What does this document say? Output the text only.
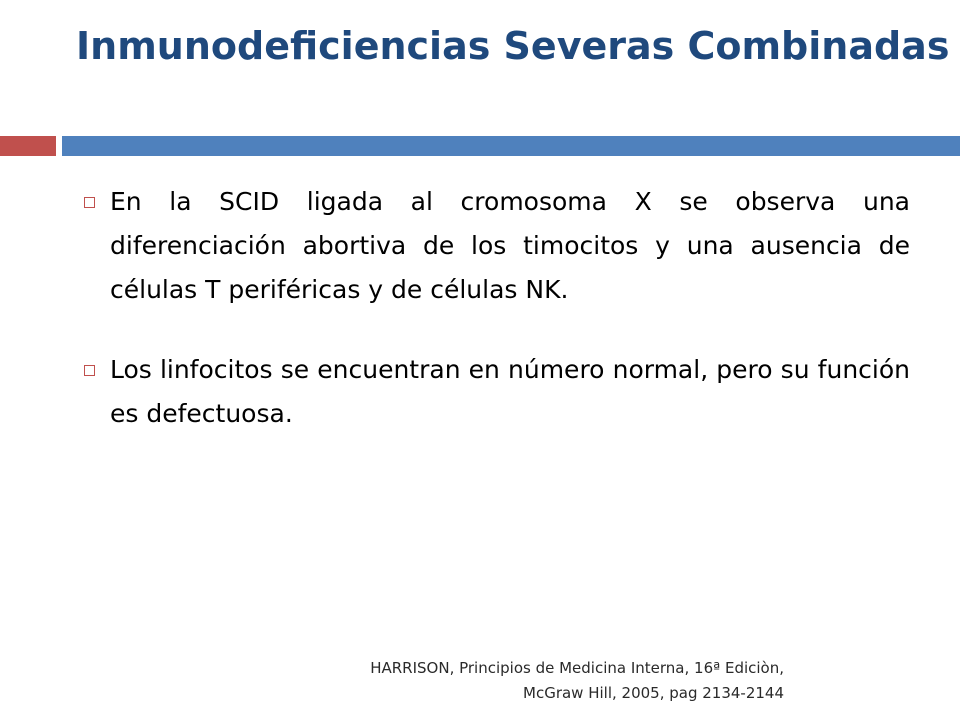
Inmunodeficiencias Severas Combinadas
En la SCID ligada al cromosoma X se observa una diferenciación abortiva de los timocitos y una ausencia de células T periféricas y de células NK.
Los linfocitos se encuentran en número normal, pero su función es defectuosa.
HARRISON, Principios de Medicina Interna, 16ª Ediciòn,
McGraw Hill, 2005, pag 2134-2144
